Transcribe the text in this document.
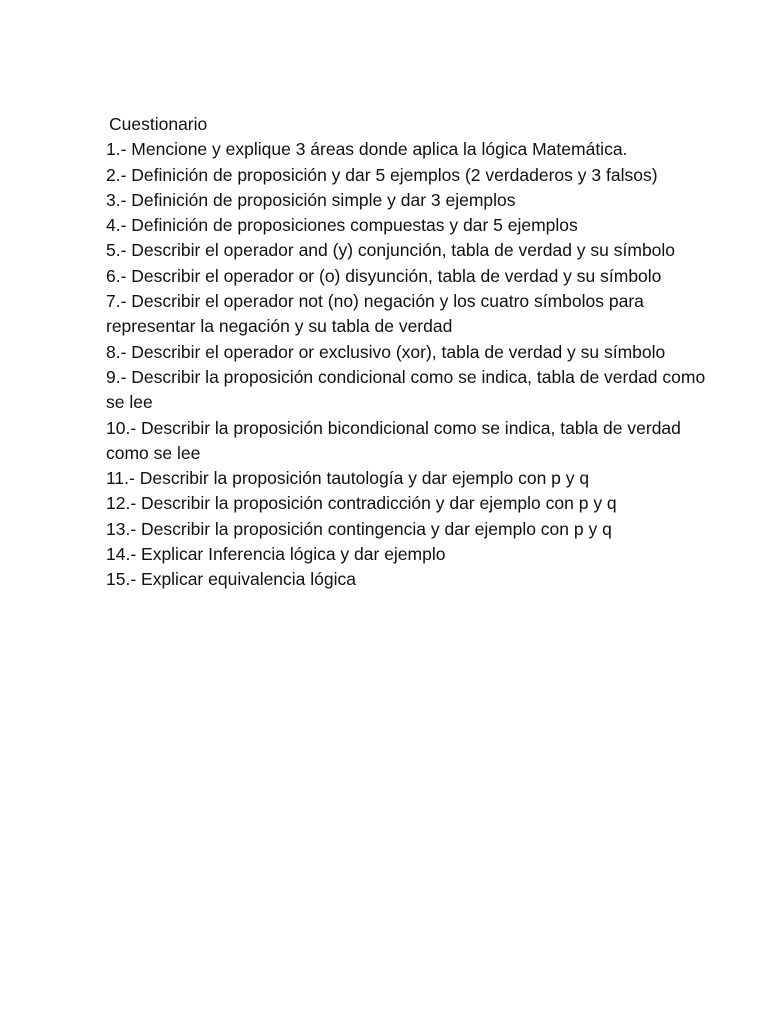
Cuestionario
1.- Mencione y explique 3 áreas donde aplica la lógica Matemática.
2.- Definición de proposición y dar 5 ejemplos (2 verdaderos y 3 falsos)
3.- Definición de proposición simple y dar 3 ejemplos
4.- Definición de proposiciones compuestas y dar 5 ejemplos
5.- Describir el operador and (y) conjunción, tabla de verdad y su símbolo
6.- Describir el operador or (o) disyunción, tabla de verdad y su símbolo
7.- Describir el operador not (no) negación y los cuatro símbolos para representar la negación y su tabla de verdad
8.- Describir el operador or exclusivo (xor), tabla de verdad y su símbolo
9.- Describir la proposición condicional como se indica, tabla de verdad como se lee
10.- Describir la proposición bicondicional como se indica, tabla de verdad como se lee
11.- Describir la proposición tautología y dar ejemplo con p y q
12.- Describir la proposición contradicción y dar ejemplo con p y q
13.- Describir la proposición contingencia y dar ejemplo con p y q
14.- Explicar Inferencia lógica y dar ejemplo
15.- Explicar equivalencia lógica
